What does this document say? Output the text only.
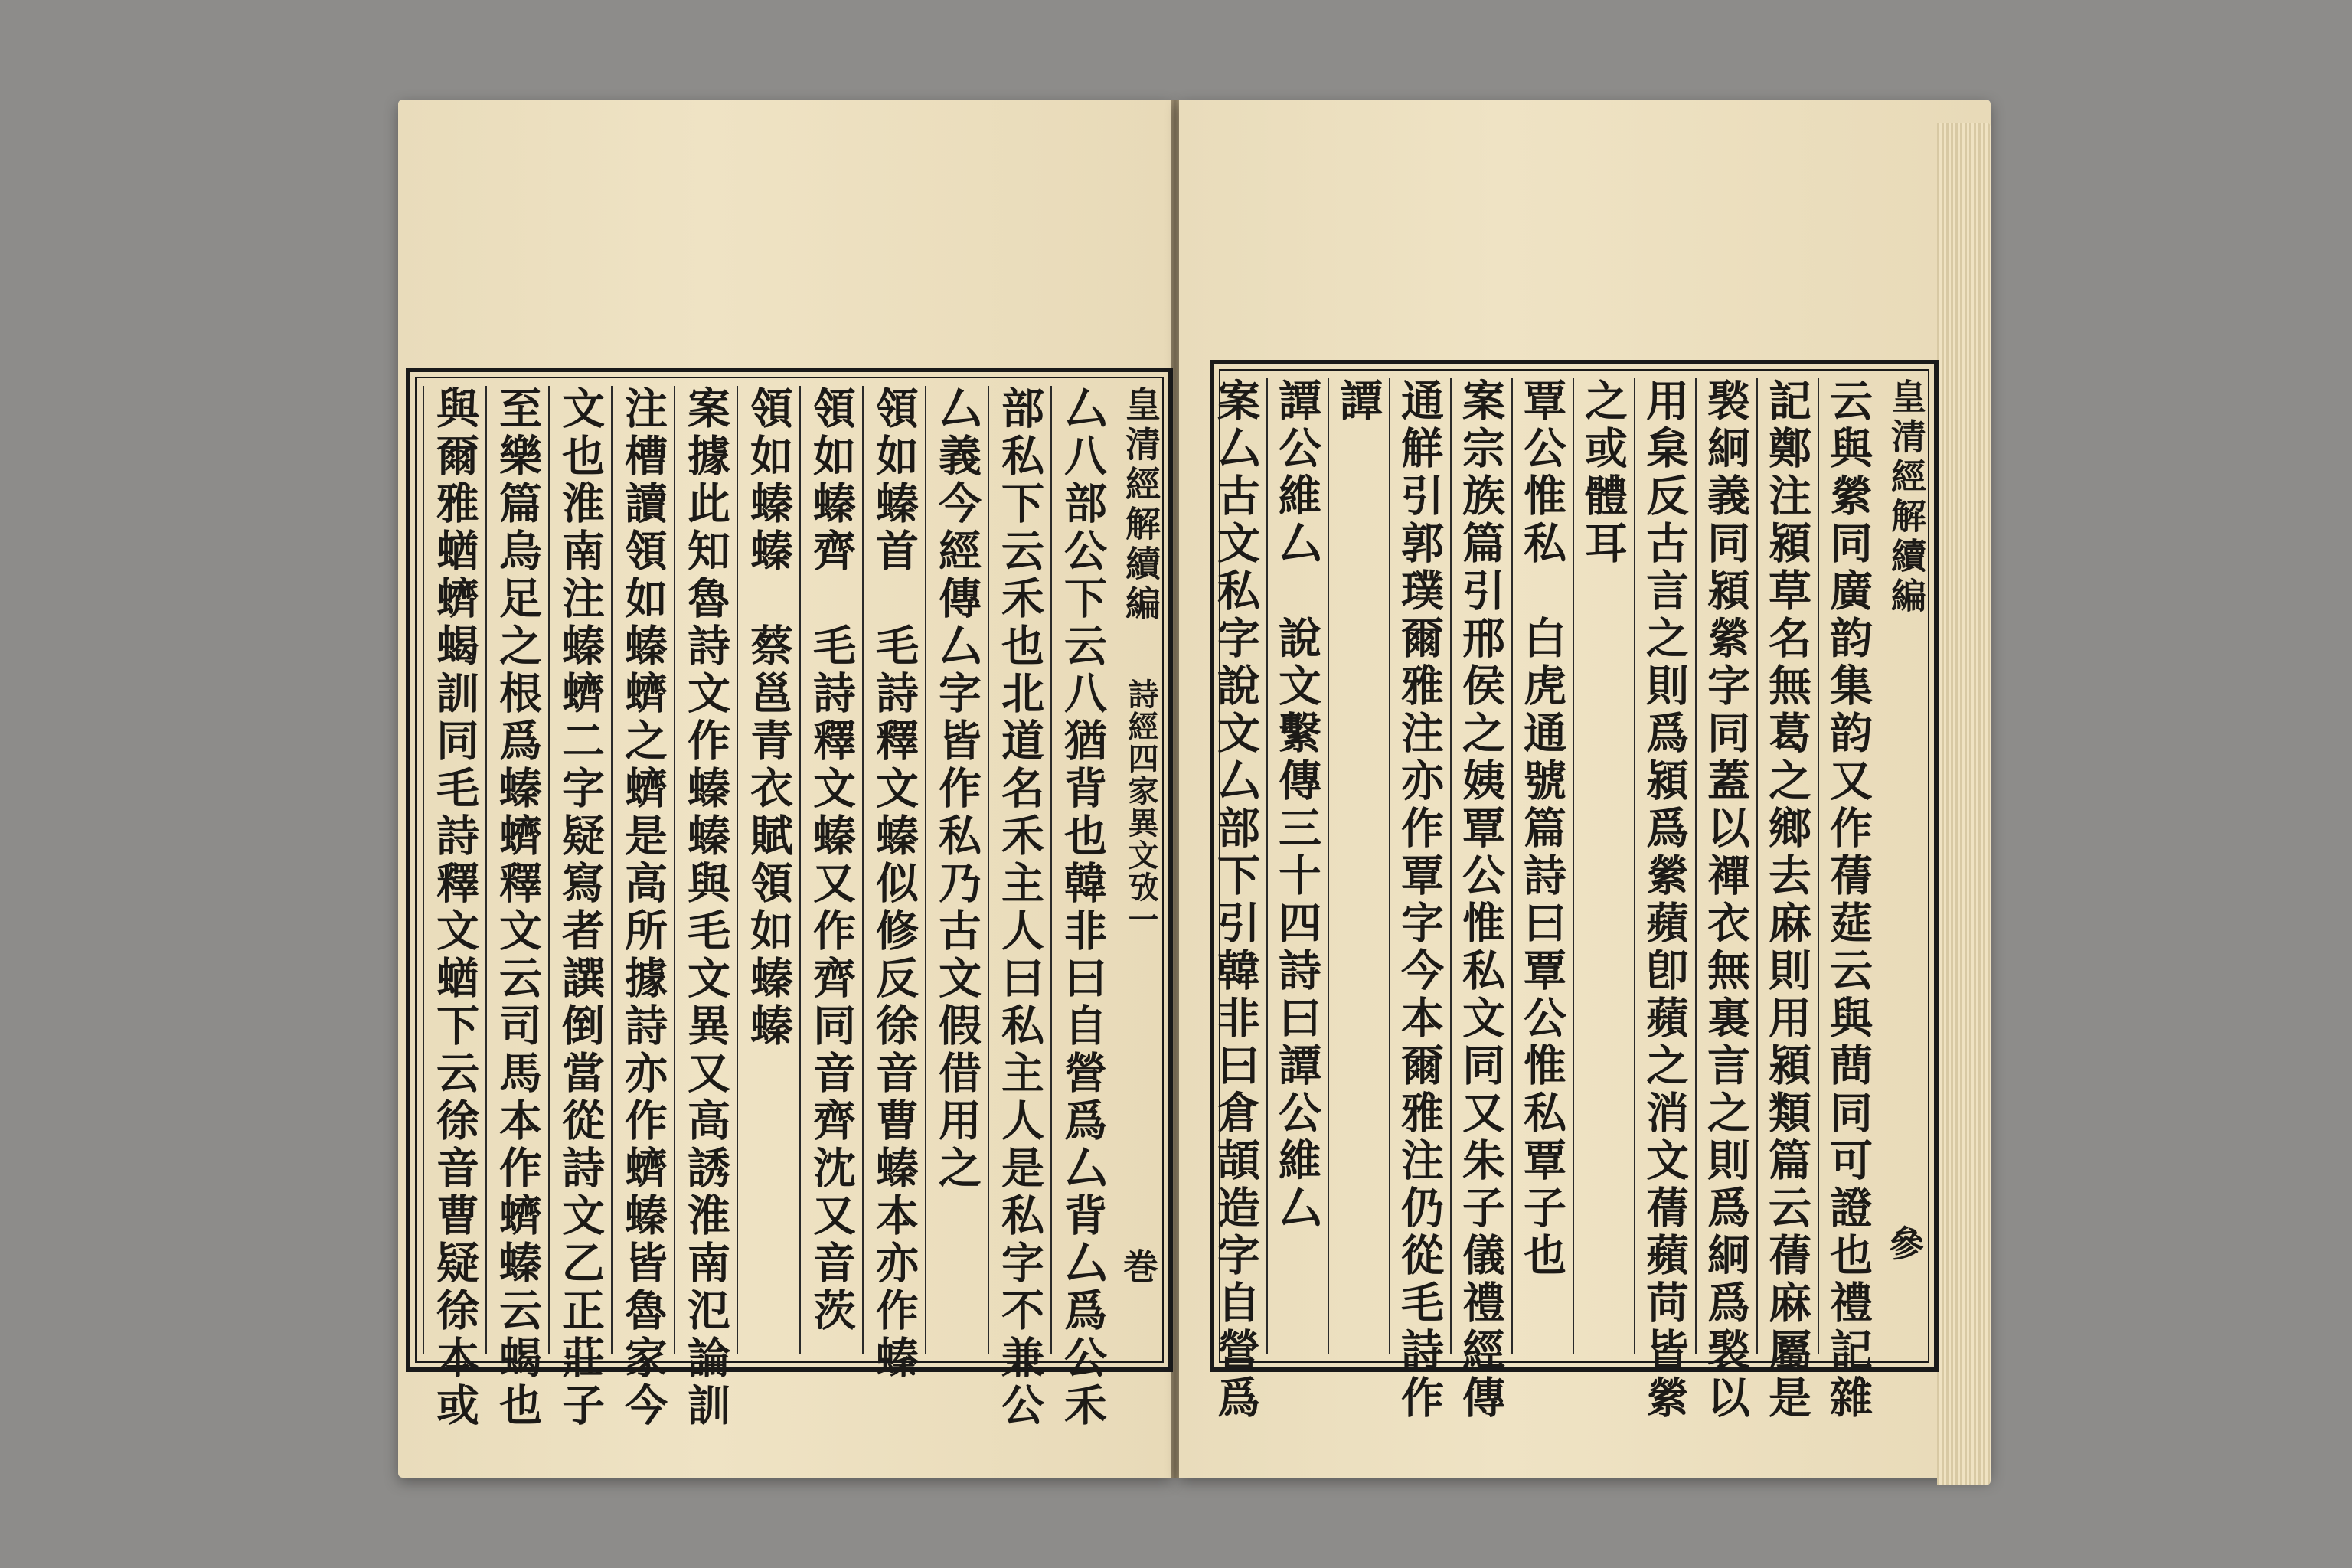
皇清經解續編
詩經四家異文攷一
巻
厶八部公下云八猶背也韓非曰自營爲厶背厶爲公禾
部私下云禾也北道名禾主人曰私主人是私字不兼公
厶義今經傳厶字皆作私乃古文假借用之
領如螓首　毛詩釋文螓似修反徐音曹螓本亦作螓
領如螓齊　毛詩釋文螓又作齊同音齊沈又音茨
領如螓螓　蔡邕青衣賦領如螓螓
案據此知魯詩文作螓螓與毛文異又高誘淮南氾論訓
注槽讀領如螓蠐之蠐是高所據詩亦作蠐螓皆魯家今
文也淮南注螓蠐二字疑寫者譔倒當從詩文乙正莊子
至樂篇烏足之根爲螓蠐釋文云司馬本作蠐螓云蝎也
與爾雅蝤蠐蝎訓同毛詩釋文蝤下云徐音曹疑徐本或	皇清經解續編
參
云與縈同廣韵集韵又作蒨莚云與蔄同可證也禮記雜
記鄭注潁草名無葛之鄉去麻則用潁類篇云蒨麻屬是
褧絅義同潁縈字同蓋以襌衣無裏言之則爲絅爲褧以
用枲反古言之則爲潁爲縈蘋卽蘋之消文蒨蘋苘皆縈
之或體耳
覃公惟私　白虎通號篇詩曰覃公惟私覃子也
案宗族篇引邢侯之姨覃公惟私文同又朱子儀禮經傳
通觧引郭璞爾雅注亦作覃字今本爾雅注仍從毛詩作
譚
譚公維厶　說文繫傳三十四詩曰譚公維厶
案厶古文私字說文厶部下引韓非曰倉頡造字自營爲
